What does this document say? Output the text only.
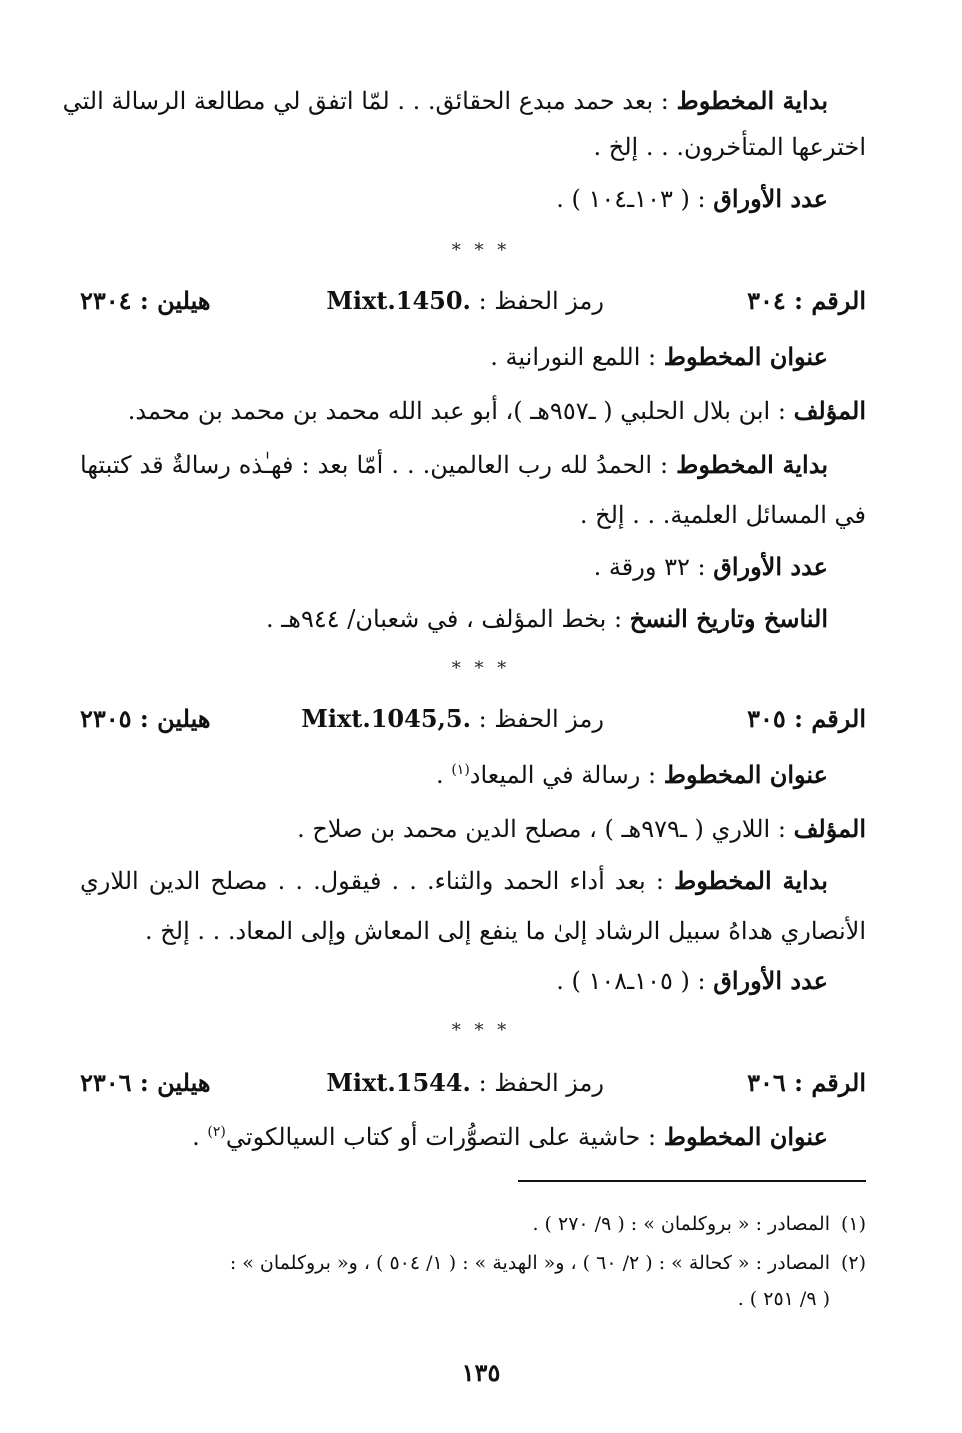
بداية المخطوط : بعد حمد مبدع الحقائق. . . لمّا اتفق لي مطالعة الرسالة التي
اخترعها المتأخرون. . . إلخ .
عدد الأوراق : ( ١٠٣ـ١٠٤ ) .
* * *
الرقم : ٣٠٤
رمز الحفظ : Mixt.1450.
هيلين : ٢٣٠٤
عنوان المخطوط : اللمع النورانية .
المؤلف : ابن بلال الحلبي ( ـ٩٥٧هـ )، أبو عبد الله محمد بن محمد بن محمد.
بداية المخطوط : الحمدُ لله رب العالمين. . . أمّا بعد : فهـٰذه رسالةٌ قد كتبتها
في المسائل العلمية. . . إلخ .
عدد الأوراق : ٣٢ ورقة .
الناسخ وتاريخ النسخ : بخط المؤلف ، في شعبان/ ٩٤٤هـ .
* * *
الرقم : ٣٠٥
رمز الحفظ : Mixt.1045,5.
هيلين : ٢٣٠٥
عنوان المخطوط : رسالة في الميعاد$^{(١)}$ .
المؤلف : اللاري ( ـ٩٧٩هـ ) ، مصلح الدين محمد بن صلاح .
بداية المخطوط : بعد أداء الحمد والثناء. . . فيقول. . . مصلح الدين اللاري
الأنصاري هداهُ سبيل الرشاد إلىٰ ما ينفع إلى المعاش وإلى المعاد. . . إلخ .
عدد الأوراق : ( ١٠٥ـ١٠٨ ) .
* * *
الرقم : ٣٠٦
رمز الحفظ : Mixt.1544.
هيلين : ٢٣٠٦
عنوان المخطوط : حاشية على التصوُّرات أو كتاب السيالكوتي$^{(٢)}$ .
(١)المصادر : « بروكلمان » : ( ٩/ ٢٧٠ ) .
(٢)المصادر : « كحالة » : ( ٢/ ٦٠ ) ، و« الهدية » : ( ١/ ٥٠٤ ) ، و« بروكلمان » :
( ٩/ ٢٥١ ) .
١٣٥
